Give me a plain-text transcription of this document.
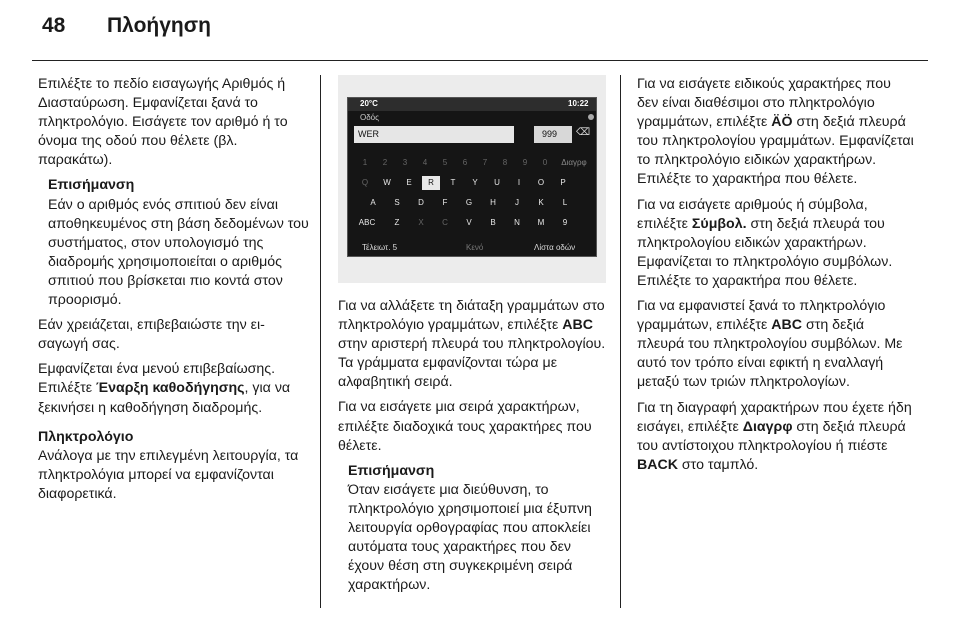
48 Πλοήγηση

Επιλέξτε το πεδίο εισαγωγής Αριθμός ή Διασταύρωση. Εμφανίζεται ξανά το πληκτρολόγιο. Εισάγετε τον αριθμό ή το όνομα της οδού που θέλετε (βλ. παρακάτω).

Επισήμανση
Εάν ο αριθμός ενός σπιτιού δεν είναι αποθηκευμένος στη βάση δεδομένων του συστήματος, στον υπολογισμό της διαδρομής χρησιμοποιείται ο αριθμός σπιτιού που βρίσκεται πιο κοντά στον προορισμό.

Εάν χρειάζεται, επιβεβαιώστε την εισαγωγή σας.

Εμφανίζεται ένα μενού επιβεβαίωσης. Επιλέξτε Έναρξη καθοδήγησης, για να ξεκινήσει η καθοδήγηση διαδρομής.

Πληκτρολόγιο

Ανάλογα με την επιλεγμένη λειτουργία, τα πληκτρολόγια μπορεί να εμφανίζονται διαφορετικά.

20°C	10:22
Οδός
WER	999	⌫
1	2	3	4	5	6	7	8	9	0	Διαγρφ
Q	W	E	R	T	Y	U	I	O	P
A	S	D	F	G	H	J	K	L
ABC	Z	X	C	V	B	N	M	9
Τέλειωτ. 5	Κενό	Λίστα οδών

Για να αλλάξετε τη διάταξη γραμμάτων στο πληκτρολόγιο γραμμάτων, επιλέξτε ABC στην αριστερή πλευρά του πληκτρολογίου. Τα γράμματα εμφανίζονται τώρα με αλφαβητική σειρά.

Για να εισάγετε μια σειρά χαρακτήρων, επιλέξτε διαδοχικά τους χαρακτήρες που θέλετε.

Επισήμανση
Όταν εισάγετε μια διεύθυνση, το πληκτρολόγιο χρησιμοποιεί μια έξυπνη λειτουργία ορθογραφίας που αποκλείει αυτόματα τους χαρακτήρες που δεν έχουν θέση στη συγκεκριμένη σειρά χαρακτήρων.

Για να εισάγετε ειδικούς χαρακτήρες που δεν είναι διαθέσιμοι στο πληκτρολόγιο γραμμάτων, επιλέξτε ÄÖ στη δεξιά πλευρά του πληκτρολογίου γραμμάτων. Εμφανίζεται το πληκτρολόγιο ειδικών χαρακτήρων. Επιλέξτε το χαρακτήρα που θέλετε.

Για να εισάγετε αριθμούς ή σύμβολα, επιλέξτε Σύμβολ. στη δεξιά πλευρά του πληκτρολογίου ειδικών χαρακτήρων. Εμφανίζεται το πληκτρολόγιο συμβόλων. Επιλέξτε το χαρακτήρα που θέλετε.

Για να εμφανιστεί ξανά το πληκτρολόγιο γραμμάτων, επιλέξτε ABC στη δεξιά πλευρά του πληκτρολογίου συμβόλων. Με αυτό τον τρόπο είναι εφικτή η εναλλαγή μεταξύ των τριών πληκτρολογίων.

Για τη διαγραφή χαρακτήρων που έχετε ήδη εισάγει, επιλέξτε Διαγρφ στη δεξιά πλευρά του αντίστοιχου πληκτρολογίου ή πιέστε BACK στο ταμπλό.
